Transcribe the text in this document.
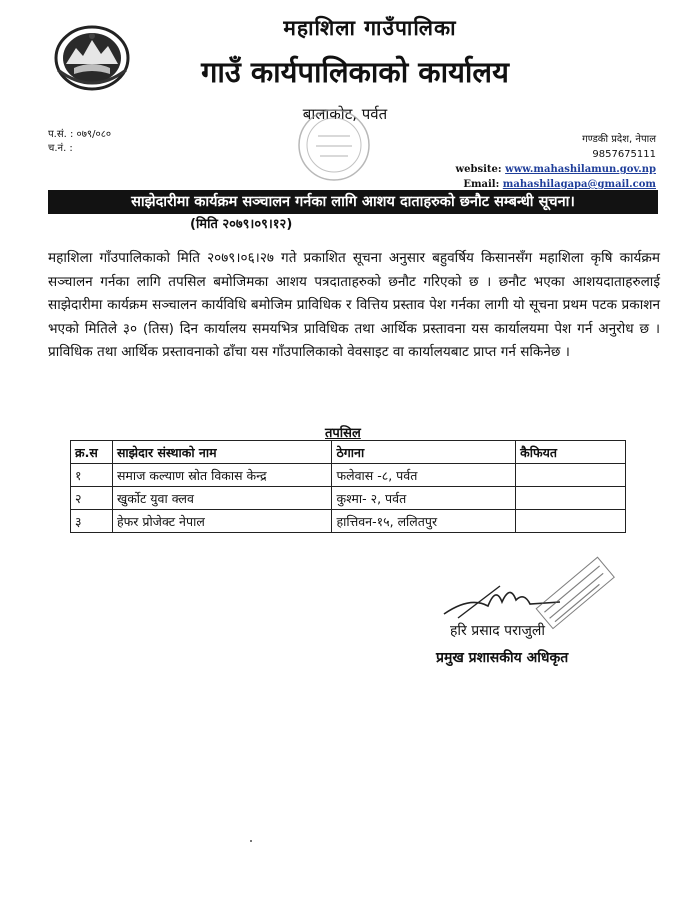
महाशिला गाउँपालिका
गाउँ कार्यपालिकाको कार्यालय
बालाकोट, पर्वत
प.सं. : ०७९/०८०
च.नं. :
गण्डकी प्रदेश, नेपाल
9857675111
website: www.mahashilamun.gov.np
Email: mahashilagapa@gmail.com
साझेदारीमा कार्यक्रम सञ्चालन गर्नका लागि आशय दाताहरुको छनौट सम्बन्धी सूचना।
(मिति २०७९।०९।१२)
महाशिला गाँउपालिकाको मिति २०७९।०६।२७ गते प्रकाशित सूचना अनुसार बहुवर्षिय किसानसँग महाशिला कृषि कार्यक्रम सञ्चालन गर्नका लागि तपसिल बमोजिमका आशय पत्रदाताहरुको छनौट गरिएको छ । छनौट भएका आशयदाताहरुलाई साझेदारीमा कार्यक्रम सञ्चालन कार्यविधि बमोजिम प्राविधिक र वित्तिय प्रस्ताव पेश गर्नका लागी यो सूचना प्रथम पटक प्रकाशन भएको मितिले ३० (तिस) दिन कार्यालय समयभित्र प्राविधिक तथा आर्थिक प्रस्तावना यस कार्यालयमा पेश गर्न अनुरोध छ । प्राविधिक तथा आर्थिक प्रस्तावनाको ढाँचा यस गाँउपालिकाको वेवसाइट वा कार्यालयबाट प्राप्त गर्न सकिनेछ ।
तपसिल
क्र.स	साझेदार संस्थाको नाम	ठेगाना	कैफियत
१	समाज कल्याण स्रोत विकास केन्द्र	फलेवास -८, पर्वत	
२	खुर्कोट युवा क्लव	कुश्मा- २, पर्वत	
३	हेफर प्रोजेक्ट नेपाल	हात्तिवन-१५, ललितपुर	
हरि प्रसाद पराजुली
प्रमुख प्रशासकीय अधिकृत
